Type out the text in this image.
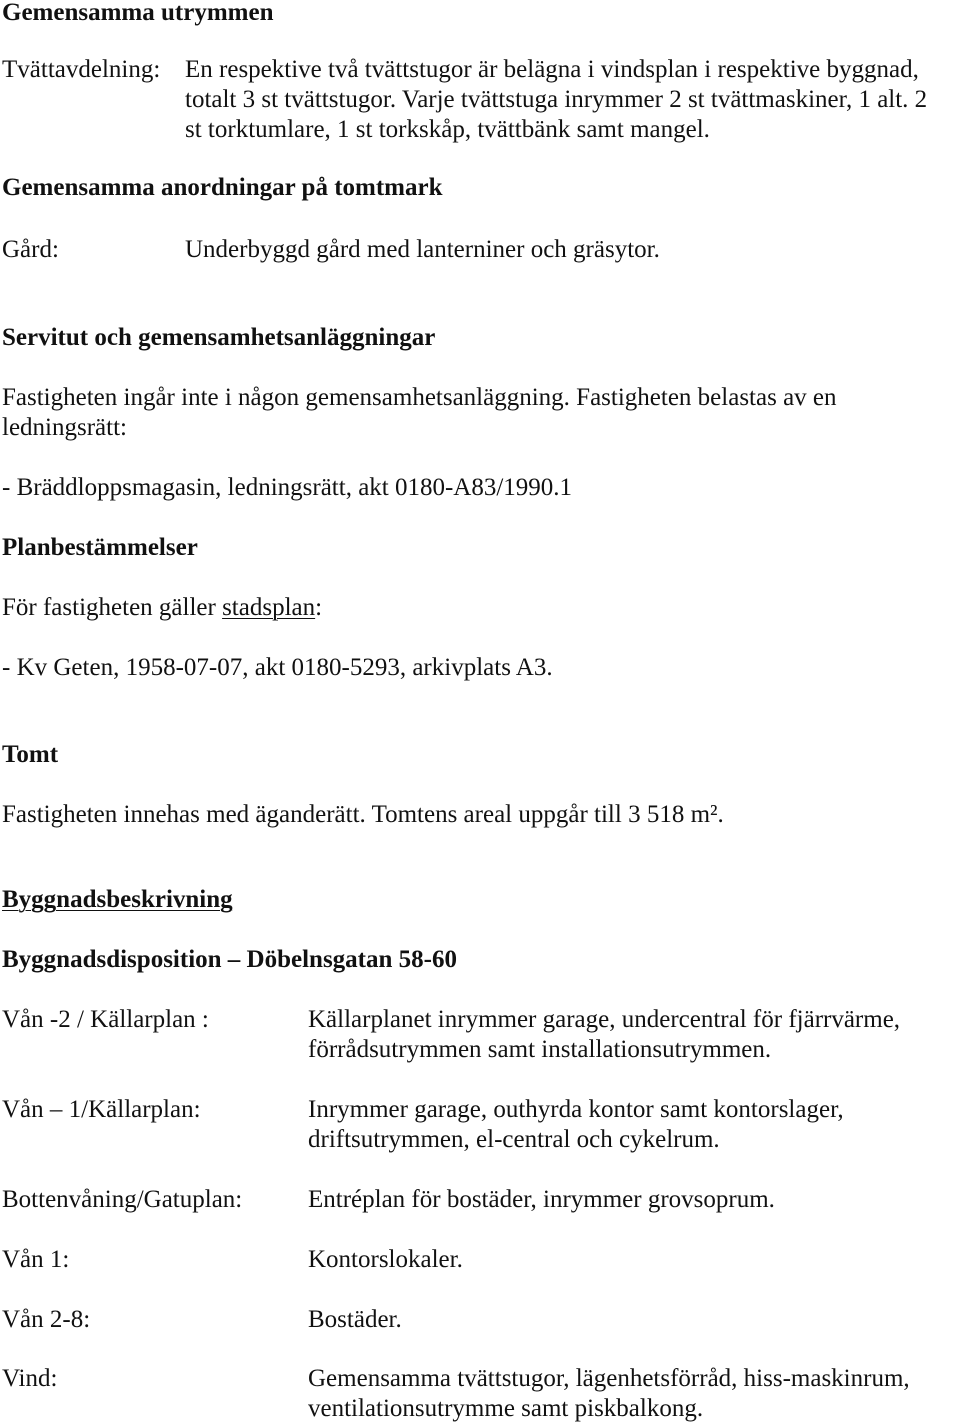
Gemensamma utrymmen
Tvättavdelning: En respektive två tvättstugor är belägna i vindsplan i respektive byggnad,
totalt 3 st tvättstugor. Varje tvättstuga inrymmer 2 st tvättmaskiner, 1 alt. 2
st torktumlare, 1 st torkskåp, tvättbänk samt mangel.
Gemensamma anordningar på tomtmark
Gård:	Underbyggd gård med lanterniner och gräsytor.
Servitut och gemensamhetsanläggningar
Fastigheten ingår inte i någon gemensamhetsanläggning. Fastigheten belastas av en
ledningsrätt:
- Bräddloppsmagasin, ledningsrätt, akt 0180-A83/1990.1
Planbestämmelser
För fastigheten gäller stadsplan:
- Kv Geten, 1958-07-07, akt 0180-5293, arkivplats A3.
Tomt
Fastigheten innehas med äganderätt. Tomtens areal uppgår till 3 518 m².
Byggnadsbeskrivning
Byggnadsdisposition – Döbelnsgatan 58-60
Vån -2 / Källarplan :	Källarplanet inrymmer garage, undercentral för fjärrvärme,
förrådsutrymmen samt installationsutrymmen.
Vån – 1/Källarplan:	Inrymmer garage, outhyrda kontor samt kontorslager,
driftsutrymmen, el-central och cykelrum.
Bottenvåning/Gatuplan:	Entréplan för bostäder, inrymmer grovsoprum.
Vån 1:	Kontorslokaler.
Vån 2-8:	Bostäder.
Vind:	Gemensamma tvättstugor, lägenhetsförråd, hiss-maskinrum,
ventilationsutrymme samt piskbalkong.
